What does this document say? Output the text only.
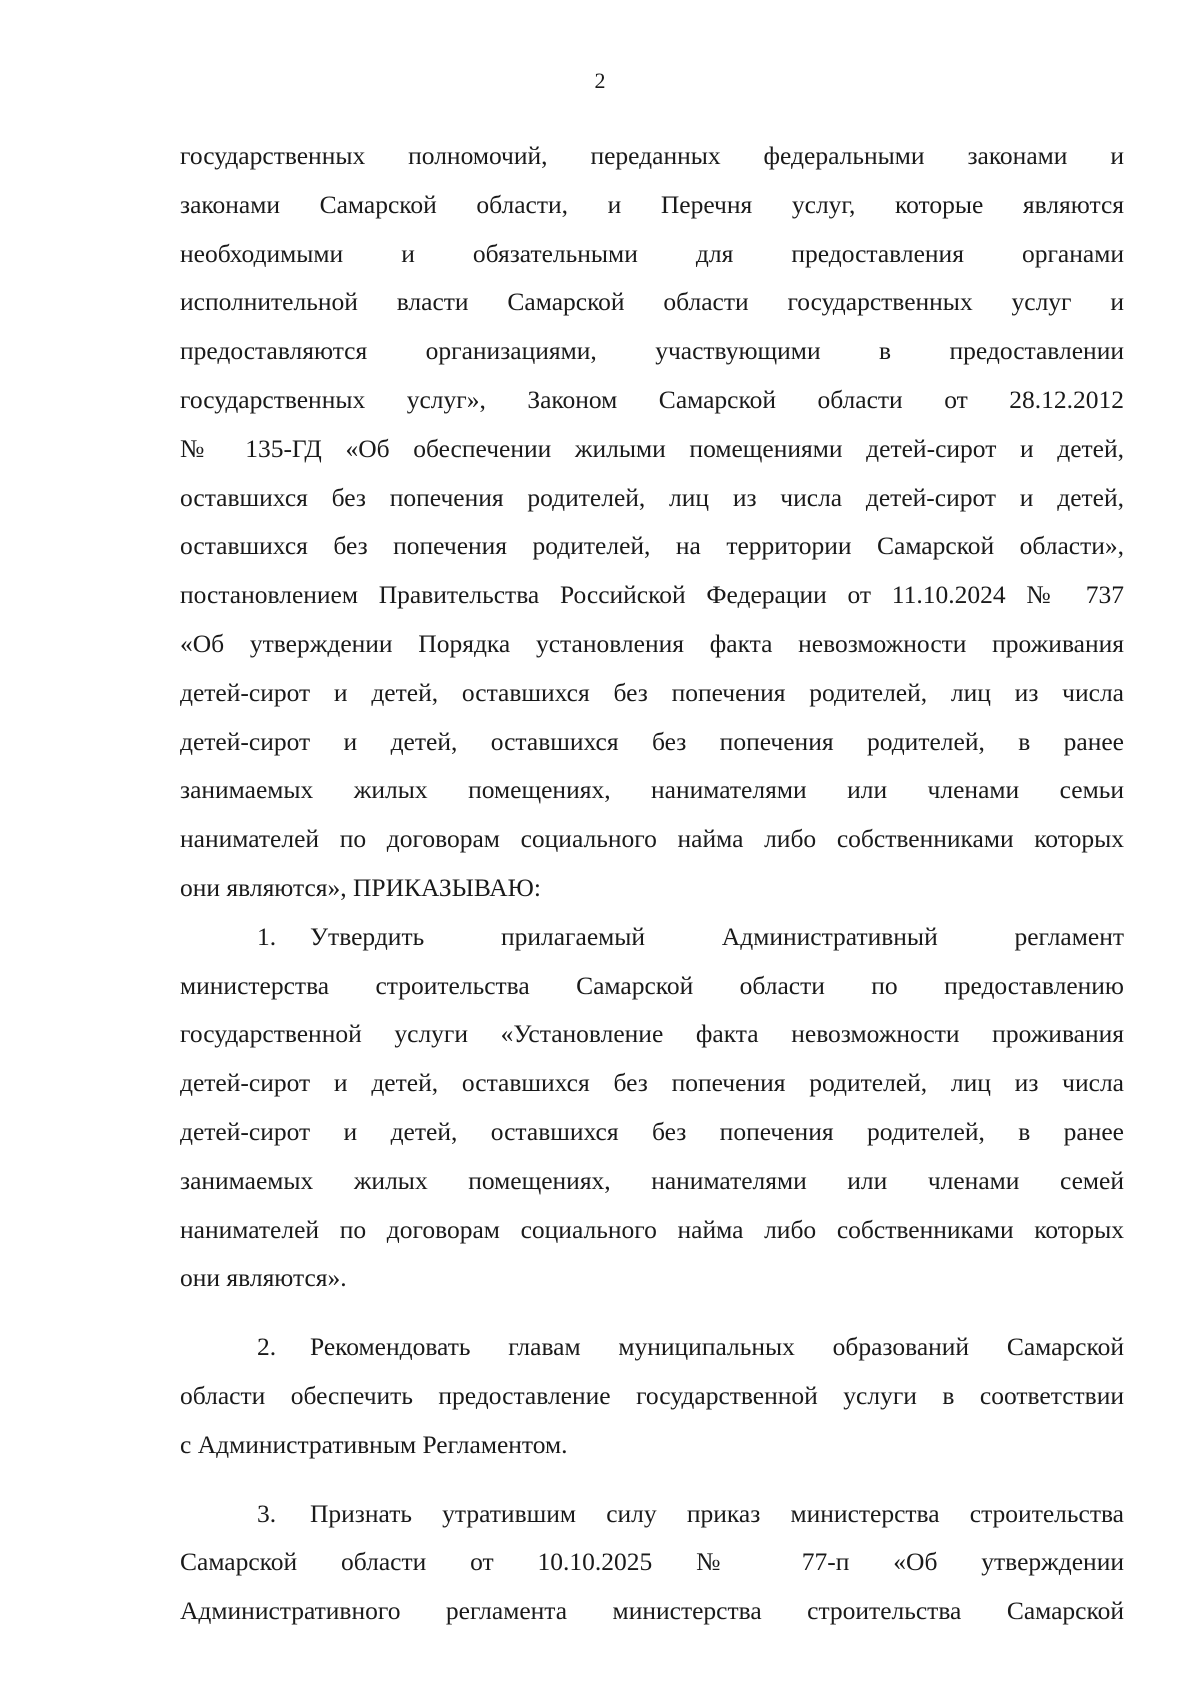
2
государственных полномочий, переданных федеральными законами и
законами Самарской области, и Перечня услуг, которые являются
необходимыми и обязательными для предоставления органами
исполнительной власти Самарской области государственных услуг и
предоставляются организациями, участвующими в предоставлении
государственных услуг», Законом Самарской области от 28.12.2012
№ 135-ГД «Об обеспечении жилыми помещениями детей-сирот и детей,
оставшихся без попечения родителей, лиц из числа детей-сирот и детей,
оставшихся без попечения родителей, на территории Самарской области»,
постановлением Правительства Российской Федерации от 11.10.2024 № 737
«Об утверждении Порядка установления факта невозможности проживания
детей-сирот и детей, оставшихся без попечения родителей, лиц из числа
детей-сирот и детей, оставшихся без попечения родителей, в ранее
занимаемых жилых помещениях, нанимателями или членами семьи
нанимателей по договорам социального найма либо собственниками которых
они являются», ПРИКАЗЫВАЮ:
1.	Утвердить прилагаемый Административный регламент
министерства строительства Самарской области по предоставлению
государственной услуги «Установление факта невозможности проживания
детей-сирот и детей, оставшихся без попечения родителей, лиц из числа
детей-сирот и детей, оставшихся без попечения родителей, в ранее
занимаемых жилых помещениях, нанимателями или членами семей
нанимателей по договорам социального найма либо собственниками которых
они являются».
2.	Рекомендовать главам муниципальных образований Самарской
области обеспечить предоставление государственной услуги в соответствии
с Административным Регламентом.
3.	Признать утратившим силу приказ министерства строительства
Самарской области от 10.10.2025 № 77-п «Об утверждении
Административного регламента министерства строительства Самарской
